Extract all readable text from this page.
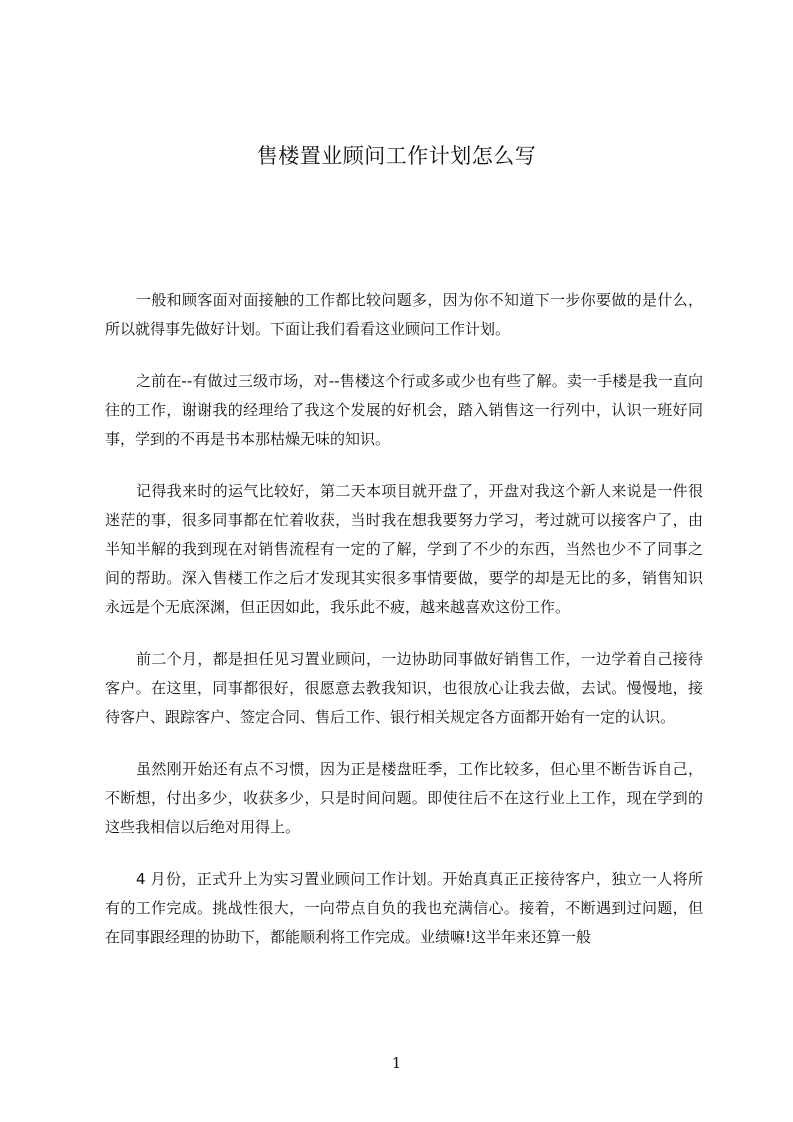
售楼置业顾问工作计划怎么写

一般和顾客面对面接触的工作都比较问题多，因为你不知道下一步你要做的是什么，所以就得事先做好计划。下面让我们看看这业顾问工作计划。

之前在--有做过三级市场，对--售楼这个行或多或少也有些了解。卖一手楼是我一直向往的工作，谢谢我的经理给了我这个发展的好机会，踏入销售这一行列中，认识一班好同事，学到的不再是书本那枯燥无味的知识。

记得我来时的运气比较好，第二天本项目就开盘了，开盘对我这个新人来说是一件很迷茫的事，很多同事都在忙着收获，当时我在想我要努力学习，考过就可以接客户了，由半知半解的我到现在对销售流程有一定的了解，学到了不少的东西，当然也少不了同事之间的帮助。深入售楼工作之后才发现其实很多事情要做，要学的却是无比的多，销售知识永远是个无底深渊，但正因如此，我乐此不疲，越来越喜欢这份工作。

前二个月，都是担任见习置业顾问，一边协助同事做好销售工作，一边学着自己接待客户。在这里，同事都很好，很愿意去教我知识，也很放心让我去做，去试。慢慢地，接待客户、跟踪客户、签定合同、售后工作、银行相关规定各方面都开始有一定的认识。

虽然刚开始还有点不习惯，因为正是楼盘旺季，工作比较多，但心里不断告诉自己，不断想，付出多少，收获多少，只是时间问题。即使往后不在这行业上工作，现在学到的这些我相信以后绝对用得上。

4 月份，正式升上为实习置业顾问工作计划。开始真真正正接待客户，独立一人将所有的工作完成。挑战性很大，一向带点自负的我也充满信心。接着，不断遇到过问题，但在同事跟经理的协助下，都能顺利将工作完成。业绩嘛!这半年来还算一般

1
